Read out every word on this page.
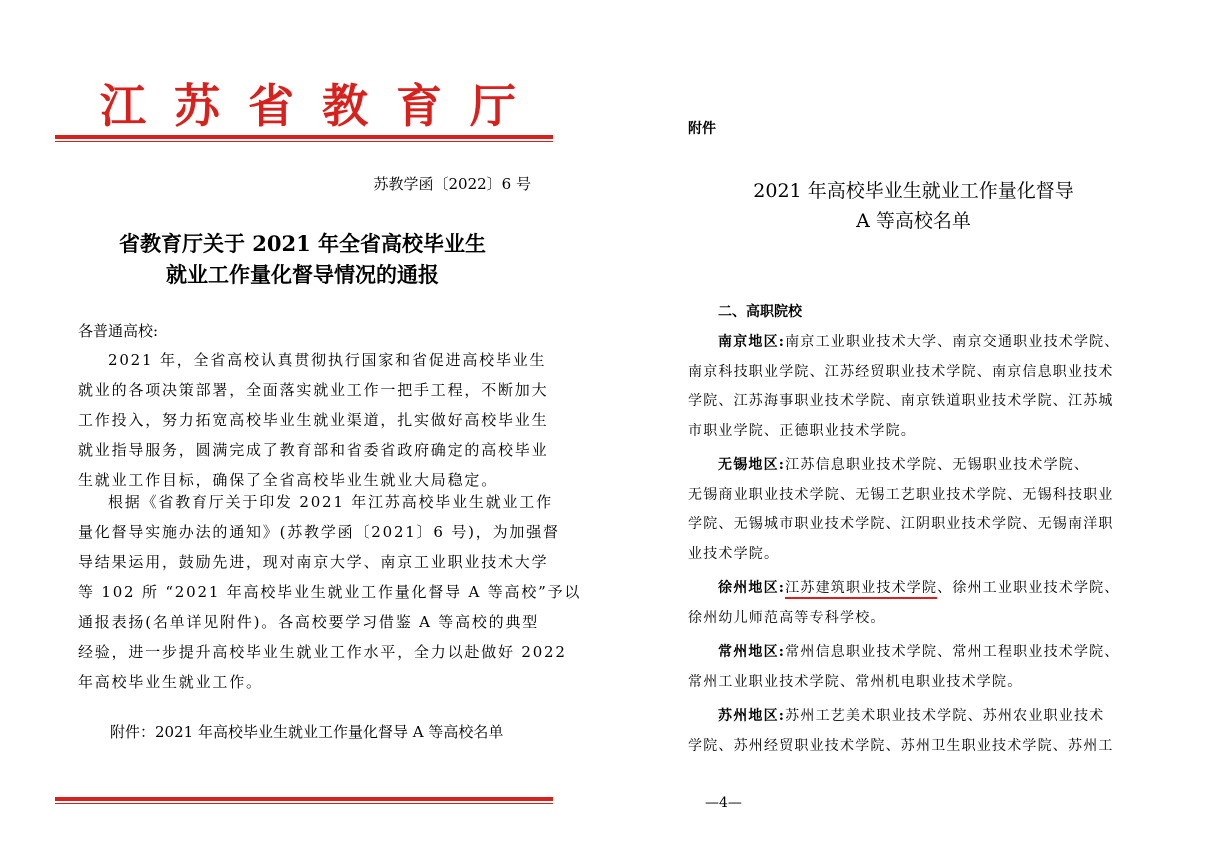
江苏省教育厅
苏教学函〔2022〕6 号
省教育厅关于 2021 年全省高校毕业生
就业工作量化督导情况的通报
各普通高校:
2021 年，全省高校认真贯彻执行国家和省促进高校毕业生
就业的各项决策部署，全面落实就业工作一把手工程，不断加大
工作投入，努力拓宽高校毕业生就业渠道，扎实做好高校毕业生
就业指导服务，圆满完成了教育部和省委省政府确定的高校毕业
生就业工作目标，确保了全省高校毕业生就业大局稳定。
根据《省教育厅关于印发 2021 年江苏高校毕业生就业工作
量化督导实施办法的通知》(苏教学函〔2021〕6 号)，为加强督
导结果运用，鼓励先进，现对南京大学、南京工业职业技术大学
等 102 所 “2021 年高校毕业生就业工作量化督导 A 等高校”予以
通报表扬(名单详见附件)。各高校要学习借鉴 A 等高校的典型
经验，进一步提升高校毕业生就业工作水平，全力以赴做好 2022
年高校毕业生就业工作。
附件：2021 年高校毕业生就业工作量化督导 A 等高校名单
附件
2021 年高校毕业生就业工作量化督导
A 等高校名单
二、高职院校
南京地区:南京工业职业技术大学、南京交通职业技术学院、
南京科技职业学院、江苏经贸职业技术学院、南京信息职业技术
学院、江苏海事职业技术学院、南京铁道职业技术学院、江苏城
市职业学院、正德职业技术学院。
无锡地区:江苏信息职业技术学院、无锡职业技术学院、
无锡商业职业技术学院、无锡工艺职业技术学院、无锡科技职业
学院、无锡城市职业技术学院、江阴职业技术学院、无锡南洋职
业技术学院。
徐州地区:江苏建筑职业技术学院、徐州工业职业技术学院、
徐州幼儿师范高等专科学校。
常州地区:常州信息职业技术学院、常州工程职业技术学院、
常州工业职业技术学院、常州机电职业技术学院。
苏州地区:苏州工艺美术职业技术学院、苏州农业职业技术
学院、苏州经贸职业技术学院、苏州卫生职业技术学院、苏州工
—4—
